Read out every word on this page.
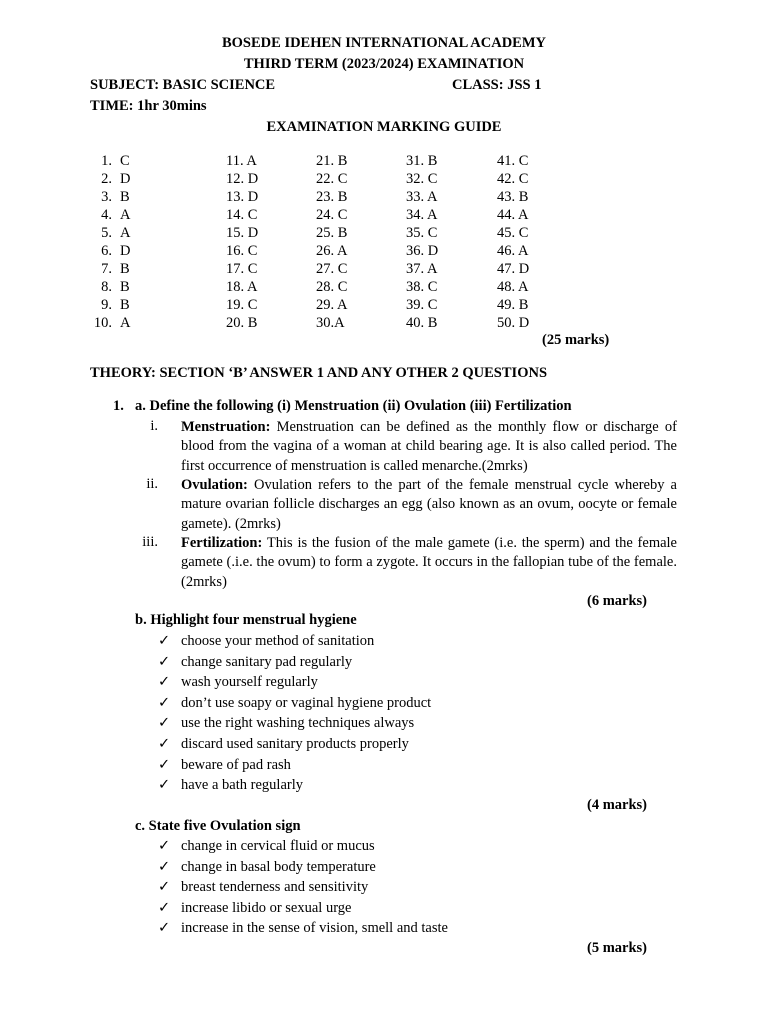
BOSEDE IDEHEN INTERNATIONAL ACADEMY
THIRD TERM (2023/2024) EXAMINATION
SUBJECT: BASIC SCIENCE	CLASS: JSS 1
TIME: 1hr 30mins
EXAMINATION MARKING GUIDE
1. C
2. D
3. B
4. A
5. A
6. D
7. B
8. B
9. B
10. A
11. A
12. D
13. D
14. C
15. D
16. C
17. C
18. A
19. C
20. B
21. B
22. C
23. B
24. C
25. B
26. A
27. C
28. C
29. A
30.A
31. B
32. C
33. A
34. A
35. C
36. D
37. A
38. C
39. C
40. B
41. C
42. C
43. B
44. A
45. C
46. A
47. D
48. A
49. B
50. D
(25 marks)
THEORY: SECTION ‘B’ ANSWER 1 AND ANY OTHER 2 QUESTIONS
1. a. Define the following (i) Menstruation (ii) Ovulation (iii) Fertilization
i. Menstruation: Menstruation can be defined as the monthly flow or discharge of blood from the vagina of a woman at child bearing age. It is also called period. The first occurrence of menstruation is called menarche.(2mrks)
ii. Ovulation: Ovulation refers to the part of the female menstrual cycle whereby a mature ovarian follicle discharges an egg (also known as an ovum, oocyte or female gamete). (2mrks)
iii. Fertilization: This is the fusion of the male gamete (i.e. the sperm) and the female gamete (.i.e. the ovum) to form a zygote. It occurs in the fallopian tube of the female. (2mrks)
(6 marks)
b. Highlight four menstrual hygiene
✓ choose your method of sanitation
✓ change sanitary pad regularly
✓ wash yourself regularly
✓ don’t use soapy or vaginal hygiene product
✓ use the right washing techniques always
✓ discard used sanitary products properly
✓ beware of pad rash
✓ have a bath regularly
(4 marks)
c. State five Ovulation sign
✓ change in cervical fluid or mucus
✓ change in basal body temperature
✓ breast tenderness and sensitivity
✓ increase libido or sexual urge
✓ increase in the sense of vision, smell and taste
(5 marks)
